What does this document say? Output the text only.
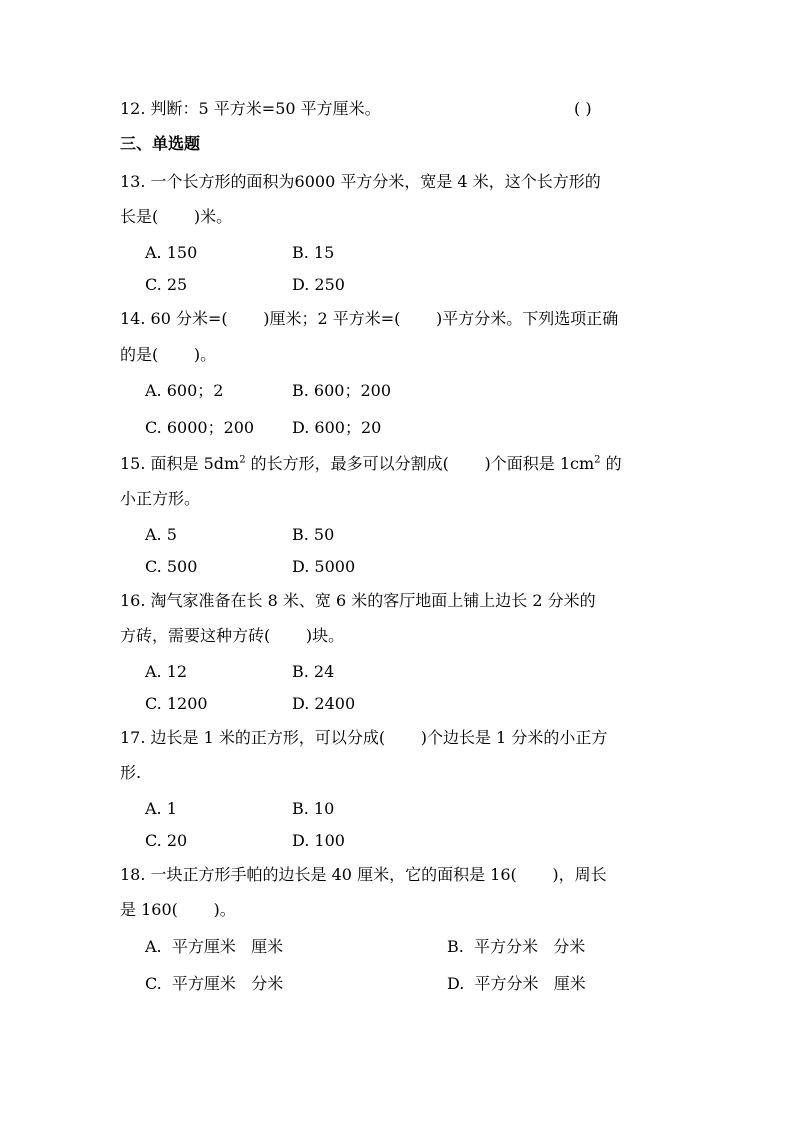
12. 判断：5 平方米=50 平方厘米。	( )
三、单选题
13. 一个长方形的面积为6000 平方分米，宽是 4 米，这个长方形的
长是(       )米。
A. 150	B. 15
C. 25	D. 250
14. 60 分米=(       )厘米；2 平方米=(       )平方分米。下列选项正确
的是(       )。
A. 600；2	B. 600；200
C. 6000；200 D. 600；20
15. 面积是 $5dm^2$ 的长方形，最多可以分割成(       )个面积是 $1cm^2$ 的
小正方形。
A. 5	B. 50
C. 500	D. 5000
16. 淘气家准备在长 8 米、宽 6 米的客厅地面上铺上边长 2 分米的
方砖，需要这种方砖(       )块。
A. 12	B. 24
C. 1200	D. 2400
17. 边长是 1 米的正方形，可以分成(       )个边长是 1 分米的小正方
形.
A. 1	B. 10
C. 20	D. 100
18. 一块正方形手帕的边长是 40 厘米，它的面积是 16(       )，周长
是 160(       )。
A.  平方厘米   厘米	B.  平方分米   分米
C.  平方厘米   分米	D.  平方分米   厘米
